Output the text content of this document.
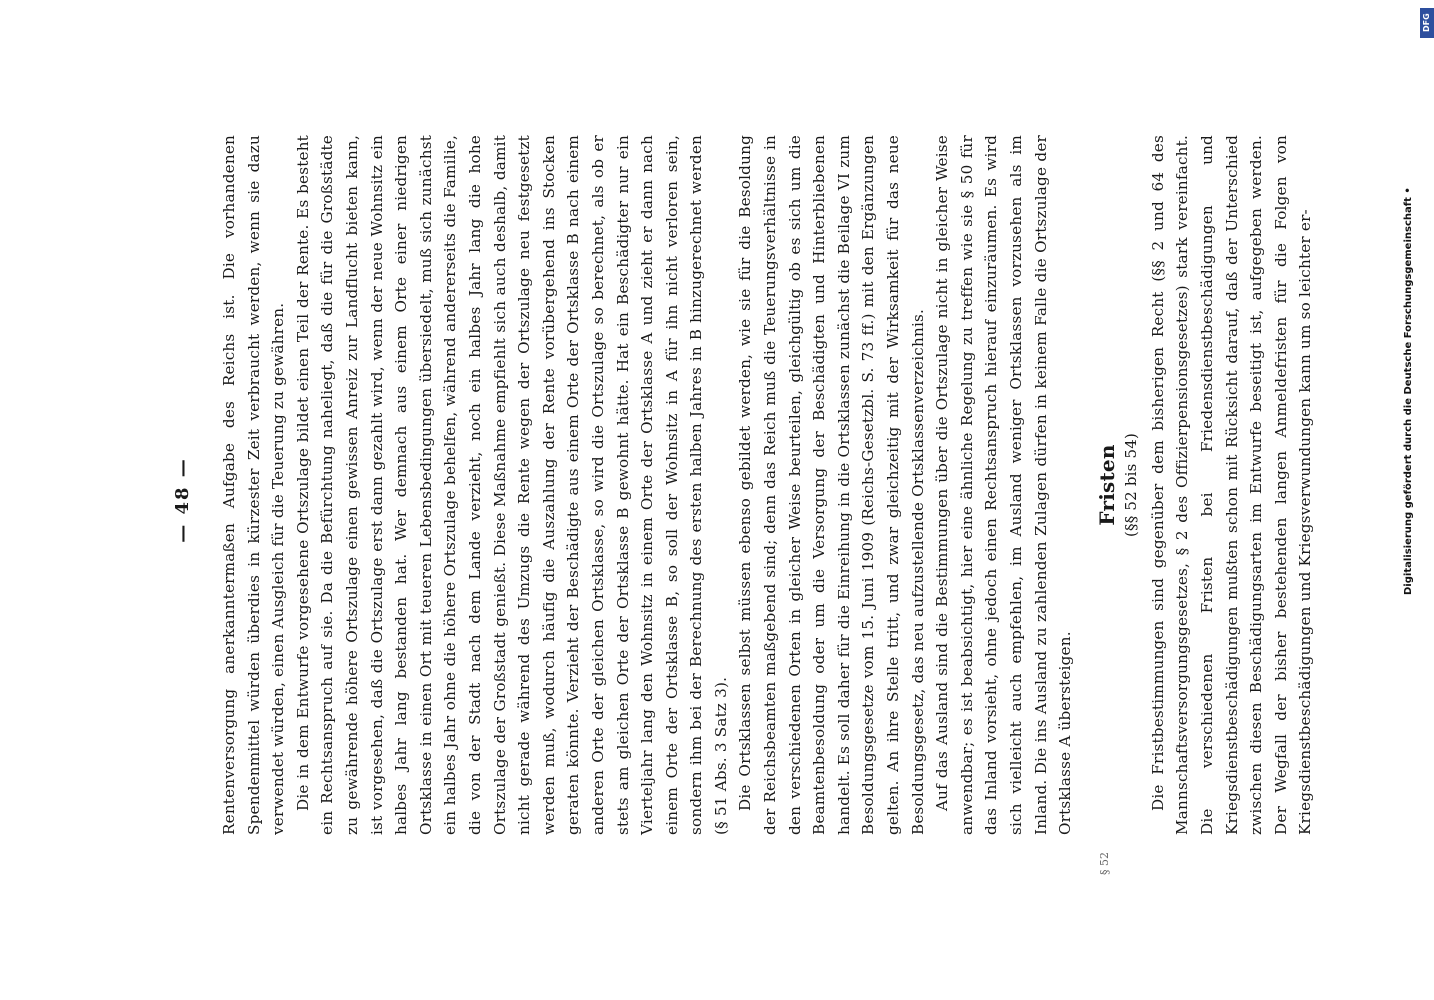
— 48 — Rentenversorgung anerkanntermaßen Aufgabe des Reichs ist. Die vorhandenen Spendenmittel würden überdies in kürzester Zeit verbraucht werden, wenn sie dazu verwendet würden, einen Ausgleich für die Teuerung zu gewähren. Die in dem Entwurfe vorgesehene Ortszulage bildet einen Teil der Rente. Es besteht ein Rechtsanspruch auf sie. Da die Befürchtung naheliegt, daß die für die Großstädte zu gewährende höhere Ortszulage einen gewissen Anreiz zur Landflucht bieten kann, ist vorgesehen, daß die Ortszulage erst dann gezahlt wird, wenn der neue Wohnsitz ein halbes Jahr lang bestanden hat. Wer demnach aus einem Orte einer niedrigen Ortsklasse in einen Ort mit teueren Lebensbedingungen übersiedelt, muß sich zunächst ein halbes Jahr ohne die höhere Ortszulage behelfen, während andererseits die Familie, die von der Stadt nach dem Lande verzieht, noch ein halbes Jahr lang die hohe Ortszulage der Großstadt genießt. Diese Maßnahme empfiehlt sich auch deshalb, damit nicht gerade während des Umzugs die Rente wegen der Ortszulage neu festgesetzt werden muß, wodurch häufig die Auszahlung der Rente vorübergehend ins Stocken geraten könnte. Verzieht der Beschädigte aus einem Orte der Ortsklasse B nach einem anderen Orte der gleichen Ortsklasse, so wird die Ortszulage so berechnet, als ob er stets am gleichen Orte der Ortsklasse B gewohnt hätte. Hat ein Beschädigter nur ein Vierteljahr lang den Wohnsitz in einem Orte der Ortsklasse A und zieht er dann nach einem Orte der Ortsklasse B, so soll der Wohnsitz in A für ihn nicht verloren sein, sondern ihm bei der Berechnung des ersten halben Jahres in B hinzugerechnet werden (§ 51 Abs. 3 Satz 3). Die Ortsklassen selbst müssen ebenso gebildet werden, wie sie für die Besoldung der Reichsbeamten maßgebend sind; denn das Reich muß die Teuerungsverhältnisse in den verschiedenen Orten in gleicher Weise beurteilen, gleichgültig ob es sich um die Beamtenbesoldung oder um die Versorgung der Beschädigten und Hinterbliebenen handelt. Es soll daher für die Einreihung in die Ortsklassen zunächst die Beilage VI zum Besoldungsgesetze vom 15. Juni 1909 (Reichs-Gesetzbl. S. 73 ff.) mit den Ergänzungen gelten. An ihre Stelle tritt, und zwar gleichzeitig mit der Wirksamkeit für das neue Besoldungsgesetz, das neu aufzustellende Ortsklassenverzeichnis. Auf das Ausland sind die Bestimmungen über die Ortszulage nicht in gleicher Weise anwendbar; es ist beabsichtigt, hier eine ähnliche Regelung zu treffen wie sie § 50 für das Inland vorsieht, ohne jedoch einen Rechtsanspruch hierauf einzuräumen. Es wird sich vielleicht auch empfehlen, im Ausland weniger Ortsklassen vorzusehen als im Inland. Die ins Ausland zu zahlenden Zulagen dürfen in keinem Falle die Ortszulage der Ortsklasse A übersteigen.

Fristen (§§ 52 bis 54) Die Fristbestimmungen sind gegenüber dem bisherigen Recht (§§ 2 und 64 des Mannschaftsversorgungsgesetzes, § 2 des Offizierpensionsgesetzes) stark vereinfacht. Die verschiedenen Fristen bei Friedensdienstbeschädigungen und Kriegsdienstbeschädigungen mußten schon mit Rücksicht darauf, daß der Unterschied zwischen diesen Beschädigungsarten im Entwurfe beseitigt ist, aufgegeben werden. Der Wegfall der bisher bestehenden langen Anmeldefristen für die Folgen von Kriegsdienstbeschädigungen und Kriegsverwundungen kann um so leichter er-

§ 52
Digitalisierung gefördert durch die Deutsche Forschungsgemeinschaft •
DFG
